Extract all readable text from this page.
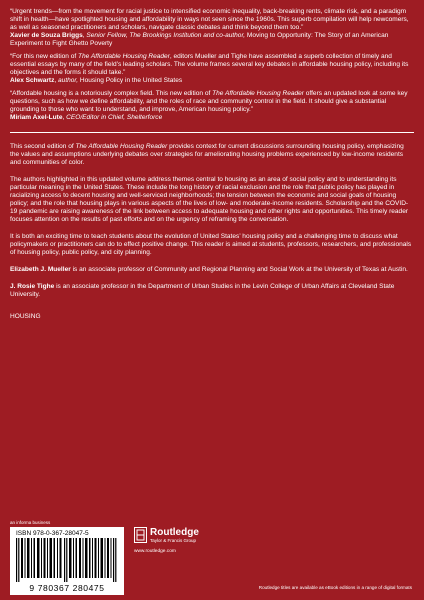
“Urgent trends—from the movement for racial justice to intensified economic inequality, back-breaking rents, climate risk, and a paradigm shift in health—have spotlighted housing and affordability in ways not seen since the 1960s. This superb compilation will help newcomers, as well as seasoned practitioners and scholars, navigate classic debates and think beyond them too.”
Xavier de Souza Briggs, Senior Fellow, The Brookings Institution and co-author, Moving to Opportunity: The Story of an American Experiment to Fight Ghetto Poverty
“For this new edition of The Affordable Housing Reader, editors Mueller and Tighe have assembled a superb collection of timely and essential essays by many of the field’s leading scholars. The volume frames several key debates in affordable housing policy, including its objectives and the forms it should take.”
Alex Schwartz, author, Housing Policy in the United States
“Affordable housing is a notoriously complex field. This new edition of The Affordable Housing Reader offers an updated look at some key questions, such as how we define affordability, and the roles of race and community control in the field. It should give a substantial grounding to those who want to understand, and improve, American housing policy.”
Miriam Axel-Lute, CEO/Editor in Chief, Shelterforce

This second edition of The Affordable Housing Reader provides context for current discussions surrounding housing policy, emphasizing the values and assumptions underlying debates over strategies for ameliorating housing problems experienced by low-income residents and communities of color.

The authors highlighted in this updated volume address themes central to housing as an area of social policy and to understanding its particular meaning in the United States. These include the long history of racial exclusion and the role that public policy has played in racializing access to decent housing and well-serviced neighborhoods; the tension between the economic and social goals of housing policy; and the role that housing plays in various aspects of the lives of low- and moderate-income residents. Scholarship and the COVID-19 pandemic are raising awareness of the link between access to adequate housing and other rights and opportunities. This timely reader focuses attention on the results of past efforts and on the urgency of reframing the conversation.

It is both an exciting time to teach students about the evolution of United States’ housing policy and a challenging time to discuss what policymakers or practitioners can do to effect positive change. This reader is aimed at students, professors, researchers, and professionals of housing policy, public policy, and city planning.

Elizabeth J. Mueller is an associate professor of Community and Regional Planning and Social Work at the University of Texas at Austin.

J. Rosie Tighe is an associate professor in the Department of Urban Studies in the Levin College of Urban Affairs at Cleveland State University.

HOUSING

an informa business
ISBN 978-0-367-28047-5
9 780367 280475
Routledge
Taylor & Francis Group
www.routledge.com
Routledge titles are available as eBook editions in a range of digital formats
